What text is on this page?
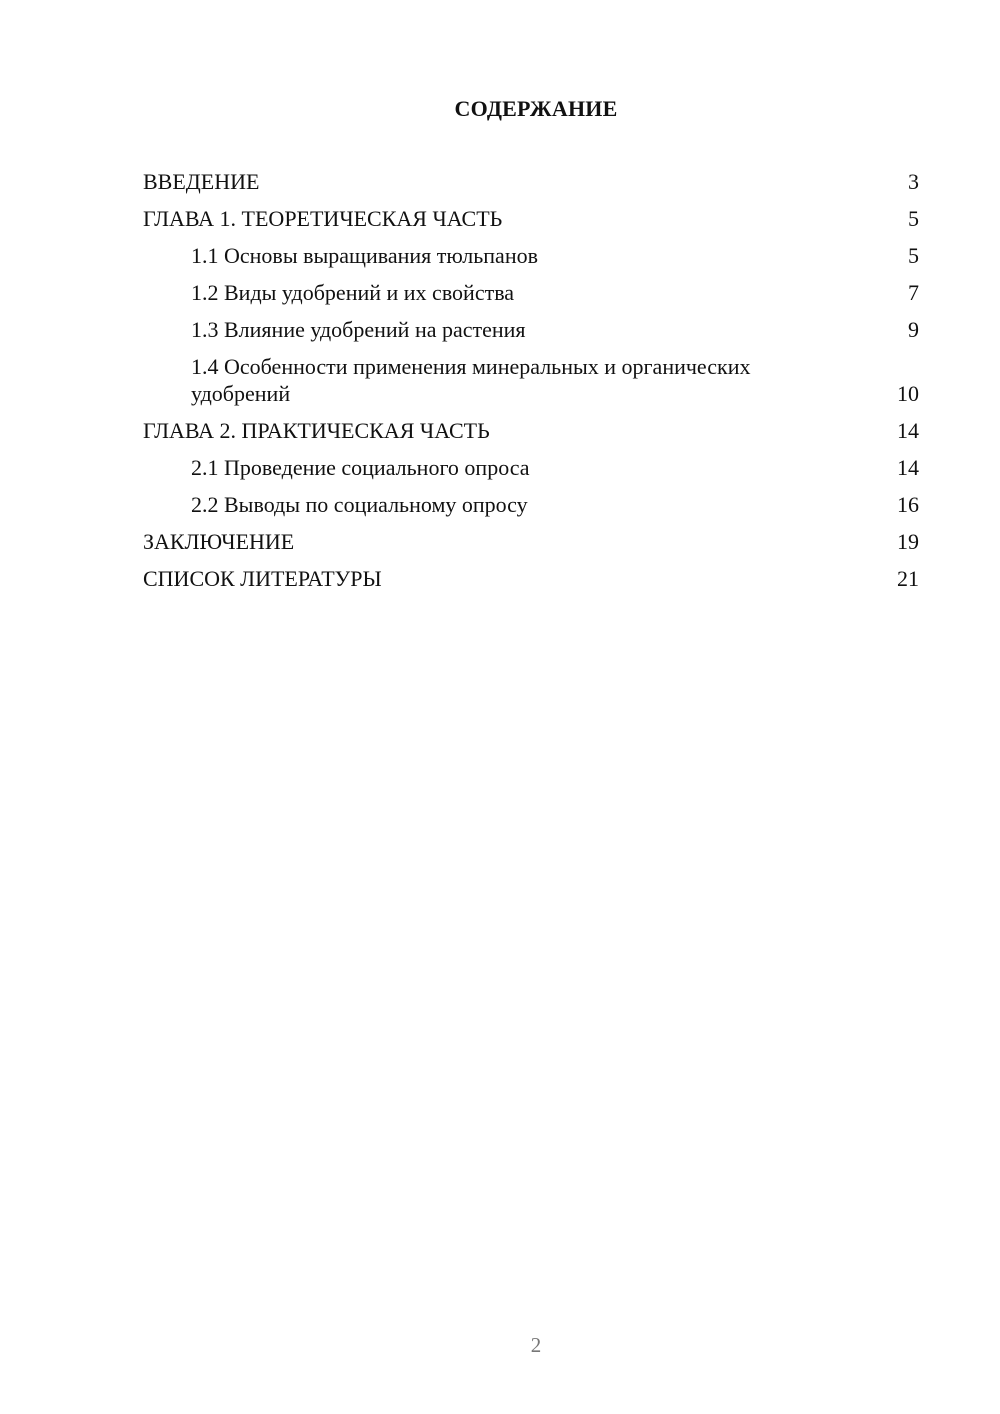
СОДЕРЖАНИЕ
ВВЕДЕНИЕ	3
ГЛАВА 1. ТЕОРЕТИЧЕСКАЯ ЧАСТЬ	5
1.1 Основы выращивания тюльпанов	5
1.2 Виды удобрений и их свойства	7
1.3 Влияние удобрений на растения	9
1.4 Особенности применения минеральных и органических удобрений	10
ГЛАВА 2. ПРАКТИЧЕСКАЯ ЧАСТЬ	14
2.1 Проведение социального опроса	14
2.2 Выводы по социальному опросу	16
ЗАКЛЮЧЕНИЕ	19
СПИСОК ЛИТЕРАТУРЫ	21
2
